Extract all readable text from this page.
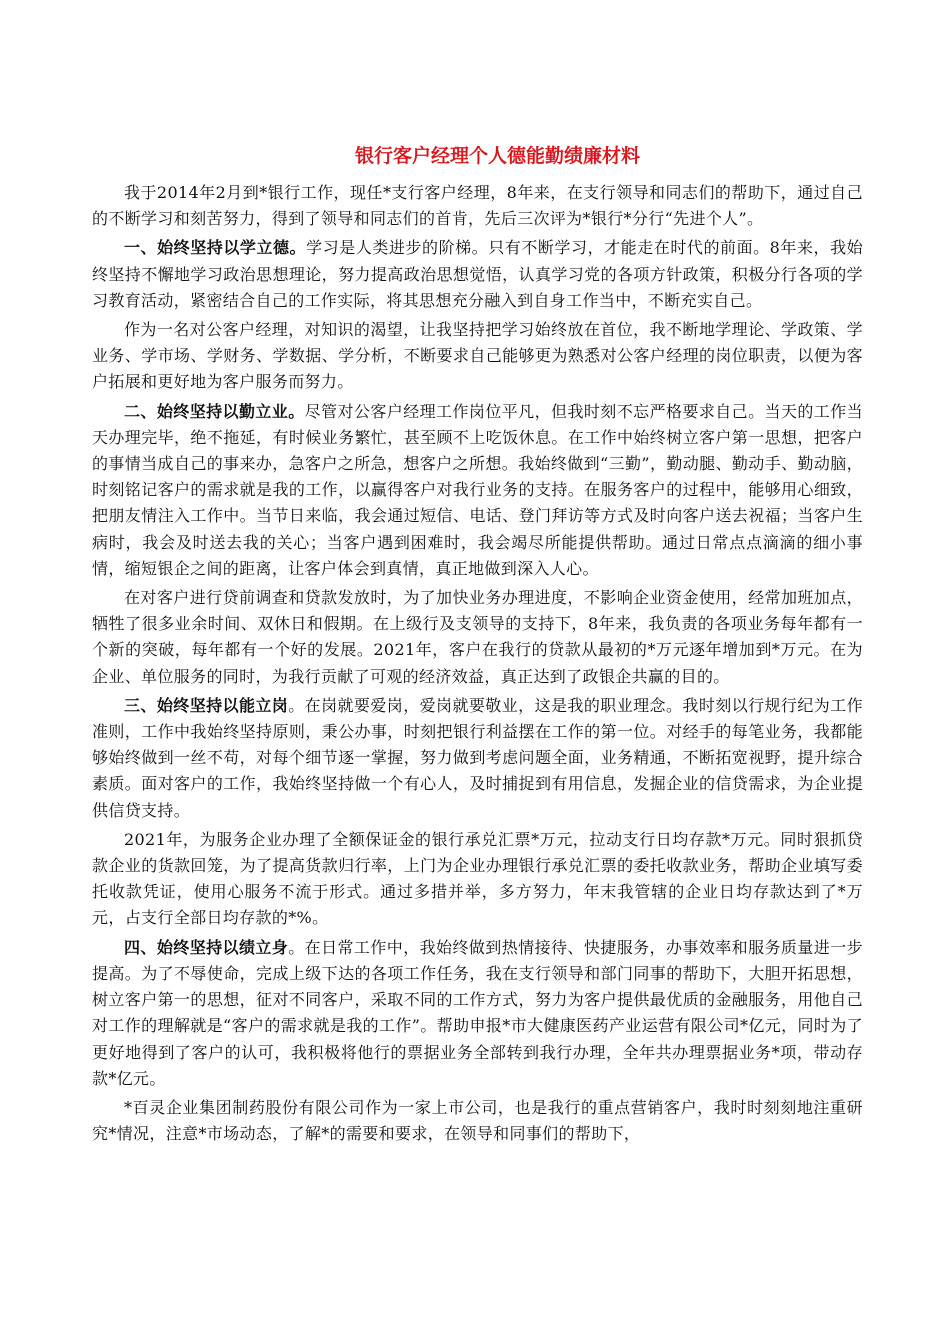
银行客户经理个人德能勤绩廉材料

我于2014年2月到*银行工作，现任*支行客户经理，8年来，在支行领导和同志们的帮助下，通过自己的不断学习和刻苦努力，得到了领导和同志们的首肯，先后三次评为*银行*分行“先进个人”。

一、始终坚持以学立德。学习是人类进步的阶梯。只有不断学习，才能走在时代的前面。8年来，我始终坚持不懈地学习政治思想理论，努力提高政治思想觉悟，认真学习党的各项方针政策，积极分行各项的学习教育活动，紧密结合自己的工作实际，将其思想充分融入到自身工作当中，不断充实自己。

作为一名对公客户经理，对知识的渴望，让我坚持把学习始终放在首位，我不断地学理论、学政策、学业务、学市场、学财务、学数据、学分析，不断要求自己能够更为熟悉对公客户经理的岗位职责，以便为客户拓展和更好地为客户服务而努力。

二、始终坚持以勤立业。尽管对公客户经理工作岗位平凡，但我时刻不忘严格要求自己。当天的工作当天办理完毕，绝不拖延，有时候业务繁忙，甚至顾不上吃饭休息。在工作中始终树立客户第一思想，把客户的事情当成自己的事来办，急客户之所急，想客户之所想。我始终做到“三勤”，勤动腿、勤动手、勤动脑，时刻铭记客户的需求就是我的工作，以赢得客户对我行业务的支持。在服务客户的过程中，能够用心细致，把朋友情注入工作中。当节日来临，我会通过短信、电话、登门拜访等方式及时向客户送去祝福；当客户生病时，我会及时送去我的关心；当客户遇到困难时，我会竭尽所能提供帮助。通过日常点点滴滴的细小事情，缩短银企之间的距离，让客户体会到真情，真正地做到深入人心。

在对客户进行贷前调查和贷款发放时，为了加快业务办理进度，不影响企业资金使用，经常加班加点，牺牲了很多业余时间、双休日和假期。在上级行及支领导的支持下，8年来，我负责的各项业务每年都有一个新的突破，每年都有一个好的发展。2021年，客户在我行的贷款从最初的*万元逐年增加到*万元。在为企业、单位服务的同时，为我行贡献了可观的经济效益，真正达到了政银企共赢的目的。

三、始终坚持以能立岗。在岗就要爱岗，爱岗就要敬业，这是我的职业理念。我时刻以行规行纪为工作准则，工作中我始终坚持原则，秉公办事，时刻把银行利益摆在工作的第一位。对经手的每笔业务，我都能够始终做到一丝不苟，对每个细节逐一掌握，努力做到考虑问题全面，业务精通，不断拓宽视野，提升综合素质。面对客户的工作，我始终坚持做一个有心人，及时捕捉到有用信息，发掘企业的信贷需求，为企业提供信贷支持。

2021年，为服务企业办理了全额保证金的银行承兑汇票*万元，拉动支行日均存款*万元。同时狠抓贷款企业的货款回笼，为了提高货款归行率，上门为企业办理银行承兑汇票的委托收款业务，帮助企业填写委托收款凭证，使用心服务不流于形式。通过多措并举，多方努力，年末我管辖的企业日均存款达到了*万元，占支行全部日均存款的*%。

四、始终坚持以绩立身。在日常工作中，我始终做到热情接待、快捷服务，办事效率和服务质量进一步提高。为了不辱使命，完成上级下达的各项工作任务，我在支行领导和部门同事的帮助下，大胆开拓思想，树立客户第一的思想，征对不同客户，采取不同的工作方式，努力为客户提供最优质的金融服务，用他自己对工作的理解就是“客户的需求就是我的工作”。帮助申报*市大健康医药产业运营有限公司*亿元，同时为了更好地得到了客户的认可，我积极将他行的票据业务全部转到我行办理，全年共办理票据业务*项，带动存款*亿元。

*百灵企业集团制药股份有限公司作为一家上市公司，也是我行的重点营销客户，我时时刻刻地注重研究*情况，注意*市场动态，了解*的需要和要求，在领导和同事们的帮助下，
